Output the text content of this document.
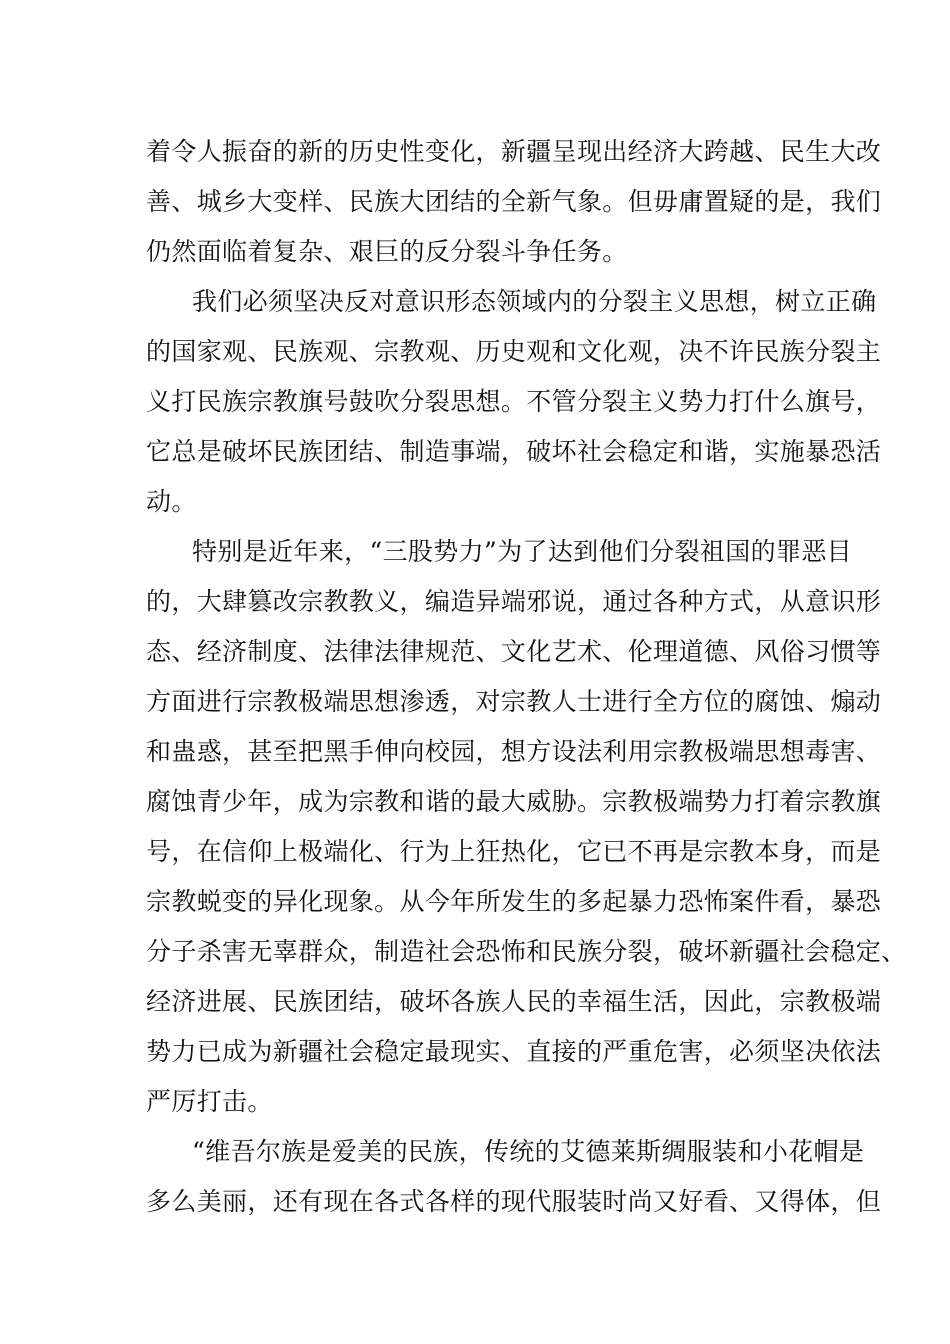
着令人振奋的新的历史性变化，新疆呈现出经济大跨越、民生大改
善、城乡大变样、民族大团结的全新气象。但毋庸置疑的是，我们
仍然面临着复杂、艰巨的反分裂斗争任务。
我们必须坚决反对意识形态领域内的分裂主义思想，树立正确
的国家观、民族观、宗教观、历史观和文化观，决不许民族分裂主
义打民族宗教旗号鼓吹分裂思想。不管分裂主义势力打什么旗号，
它总是破坏民族团结、制造事端，破坏社会稳定和谐，实施暴恐活
动。
特别是近年来，“三股势力”为了达到他们分裂祖国的罪恶目
的，大肆篡改宗教教义，编造异端邪说，通过各种方式，从意识形
态、经济制度、法律法律规范、文化艺术、伦理道德、风俗习惯等
方面进行宗教极端思想渗透，对宗教人士进行全方位的腐蚀、煽动
和蛊惑，甚至把黑手伸向校园，想方设法利用宗教极端思想毒害、
腐蚀青少年，成为宗教和谐的最大威胁。宗教极端势力打着宗教旗
号，在信仰上极端化、行为上狂热化，它已不再是宗教本身，而是
宗教蜕变的异化现象。从今年所发生的多起暴力恐怖案件看，暴恐
分子杀害无辜群众，制造社会恐怖和民族分裂，破坏新疆社会稳定、
经济进展、民族团结，破坏各族人民的幸福生活，因此，宗教极端
势力已成为新疆社会稳定最现实、直接的严重危害，必须坚决依法
严厉打击。
“维吾尔族是爱美的民族，传统的艾德莱斯绸服装和小花帽是
多么美丽，还有现在各式各样的现代服装时尚又好看、又得体，但
